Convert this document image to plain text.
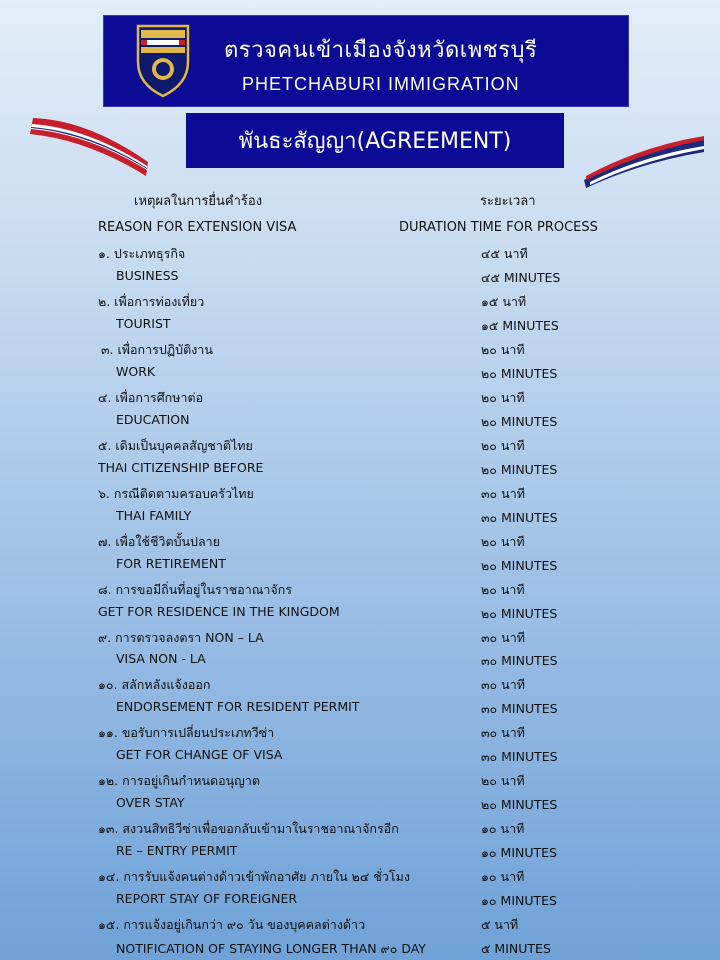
ตรวจคนเข้าเมืองจังหวัดเพชรบุรี
PHETCHABURI IMMIGRATION
พันธะสัญญา(AGREEMENT)
เหตุผลในการยื่นคำร้อง	ระยะเวลา
REASON FOR EXTENSION VISA	DURATION TIME FOR PROCESS
๑. ประเภทธุรกิจ	๔๕ นาที
BUSINESS	๔๕ MINUTES
๒. เพื่อการท่องเที่ยว	๑๕ นาที
TOURIST	๑๕ MINUTES
๓. เพื่อการปฏิบัติงาน	๒๐ นาที
WORK	๒๐ MINUTES
๔. เพื่อการศึกษาต่อ	๒๐ นาที
EDUCATION	๒๐ MINUTES
๕. เดิมเป็นบุคคลสัญชาติไทย	๒๐ นาที
THAI CITIZENSHIP BEFORE	๒๐ MINUTES
๖. กรณีติดตามครอบครัวไทย	๓๐ นาที
THAI FAMILY	๓๐ MINUTES
๗. เพื่อใช้ชีวิตบั้นปลาย	๒๐ นาที
FOR RETIREMENT	๒๐ MINUTES
๘. การขอมีถิ่นที่อยู่ในราชอาณาจักร	๒๐ นาที
GET FOR RESIDENCE IN THE KINGDOM	๒๐ MINUTES
๙. การตรวจลงตรา NON – LA	๓๐ นาที
VISA NON - LA	๓๐ MINUTES
๑๐. สลักหลังแจ้งออก	๓๐ นาที
ENDORSEMENT FOR RESIDENT PERMIT	๓๐ MINUTES
๑๑. ขอรับการเปลี่ยนประเภทวีซ่า	๓๐ นาที
GET FOR CHANGE OF VISA	๓๐ MINUTES
๑๒. การอยู่เกินกำหนดอนุญาต	๒๐ นาที
OVER STAY	๒๐ MINUTES
๑๓. สงวนสิทธิวีซ่าเพื่อขอกลับเข้ามาในราชอาณาจักรอีก	๑๐ นาที
RE – ENTRY PERMIT	๑๐ MINUTES
๑๔. การรับแจ้งคนต่างด้าวเข้าพักอาศัย ภายใน ๒๔ ชั่วโมง	๑๐ นาที
REPORT STAY OF FOREIGNER	๑๐ MINUTES
๑๕. การแจ้งอยู่เกินกว่า ๙๐ วัน ของบุคคลต่างด้าว	๕ นาที
NOTIFICATION OF STAYING LONGER THAN ๙๐ DAY	๕ MINUTES
